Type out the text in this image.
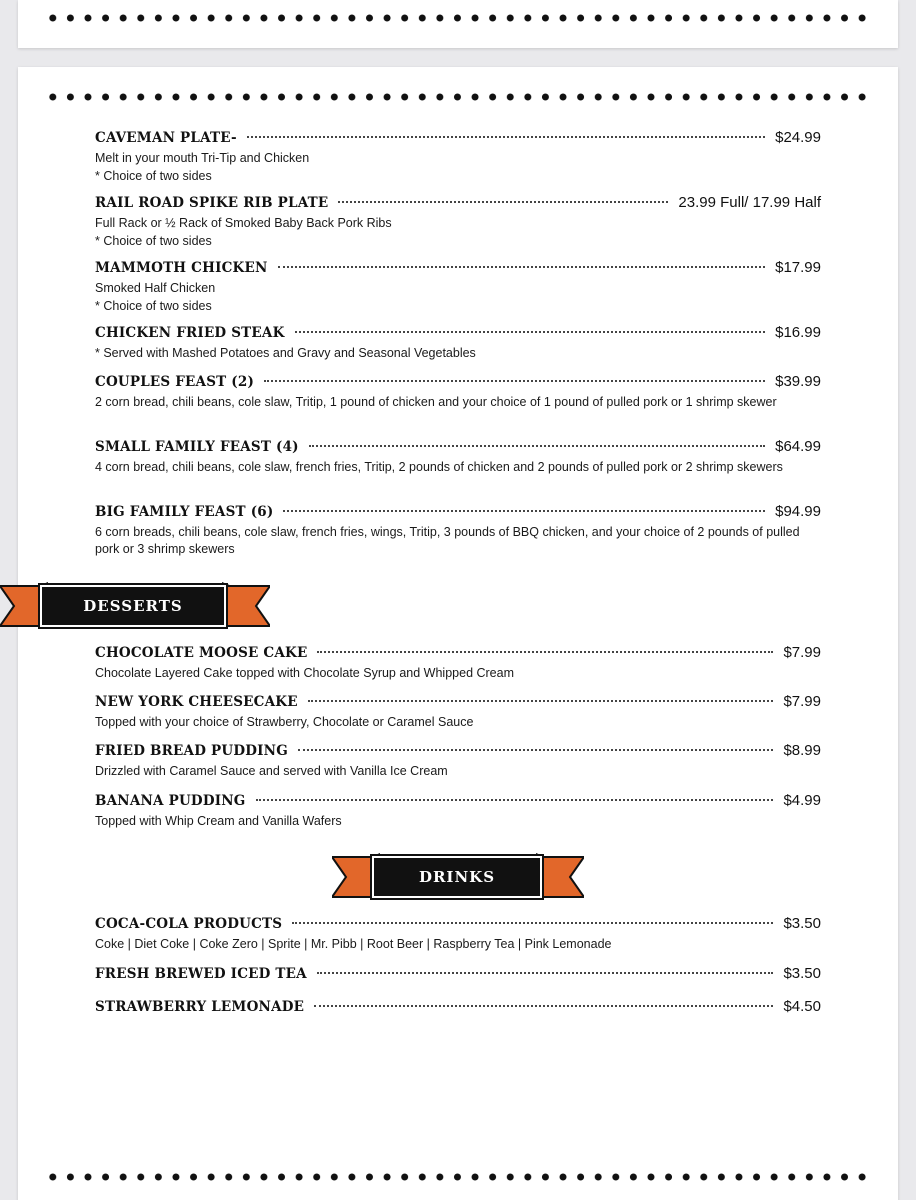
CAVEMAN PLATE-	$24.99
Melt in your mouth Tri-Tip and Chicken
* Choice of two sides
RAIL ROAD SPIKE RIB PLATE	23.99 Full/ 17.99 Half
Full Rack or ½ Rack of Smoked Baby Back Pork Ribs
* Choice of two sides
MAMMOTH CHICKEN	$17.99
Smoked Half Chicken
* Choice of two sides
CHICKEN FRIED STEAK	$16.99
* Served with Mashed Potatoes and Gravy and Seasonal Vegetables
COUPLES FEAST (2)	$39.99
2 corn bread, chili beans, cole slaw, Tritip, 1 pound of chicken and your choice of 1 pound of pulled pork or 1 shrimp skewer
SMALL FAMILY FEAST (4)	$64.99
4 corn bread, chili beans, cole slaw, french fries, Tritip, 2 pounds of chicken and 2 pounds of pulled pork or 2 shrimp skewers
BIG FAMILY FEAST (6)	$94.99
6 corn breads, chili beans, cole slaw, french fries, wings, Tritip, 3 pounds of BBQ chicken, and your choice of 2 pounds of pulled pork or 3 shrimp skewers
DESSERTS
CHOCOLATE MOOSE CAKE	$7.99
Chocolate Layered Cake topped with Chocolate Syrup and Whipped Cream
NEW YORK CHEESECAKE	$7.99
Topped with your choice of Strawberry, Chocolate or Caramel Sauce
FRIED BREAD PUDDING	$8.99
Drizzled with Caramel Sauce and served with Vanilla Ice Cream
BANANA PUDDING	$4.99
Topped with Whip Cream and Vanilla Wafers
DRINKS
COCA-COLA PRODUCTS	$3.50
Coke | Diet Coke | Coke Zero | Sprite | Mr. Pibb | Root Beer | Raspberry Tea | Pink Lemonade
FRESH BREWED ICED TEA	$3.50
STRAWBERRY LEMONADE	$4.50
